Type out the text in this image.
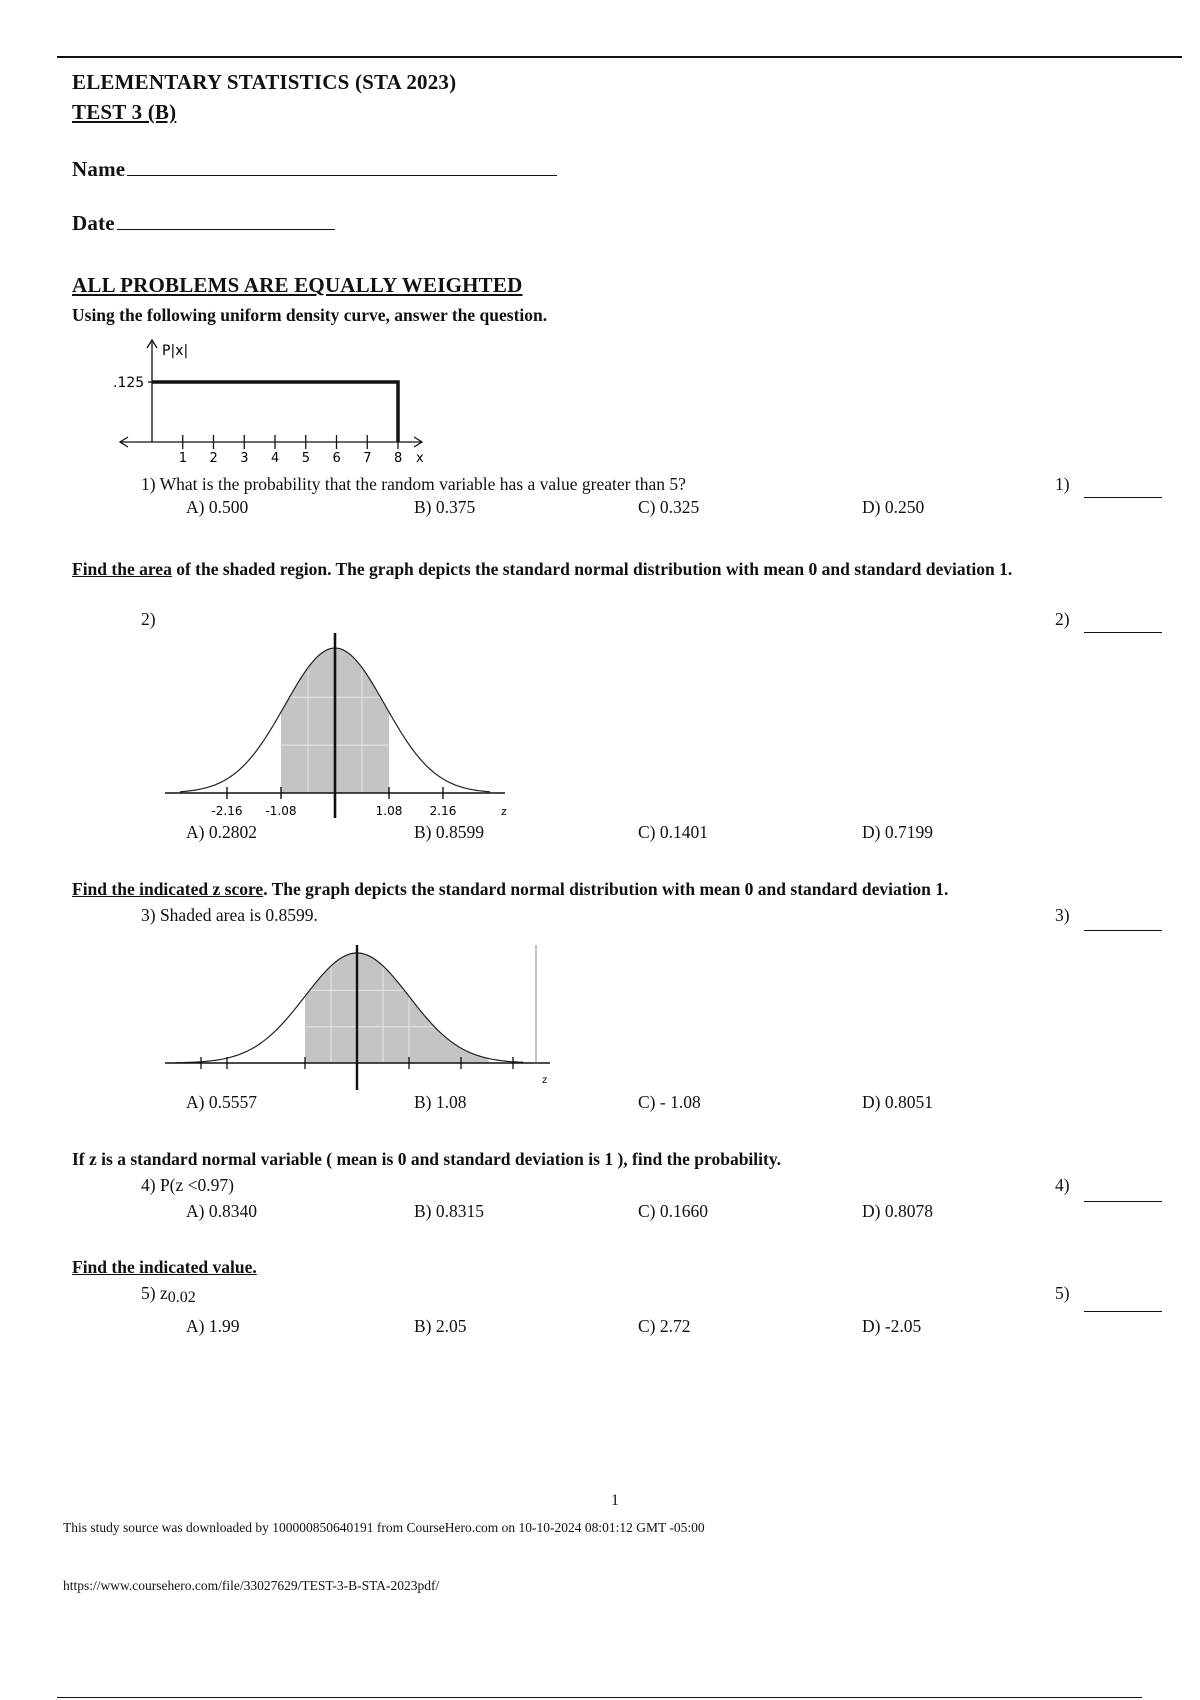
ELEMENTARY STATISTICS (STA 2023)
TEST 3 (B)
Name
Date
ALL PROBLEMS ARE EQUALLY WEIGHTED
Using the following uniform density curve, answer the question.
P|x|
.125
1 2 3 4 5 6 7 8 x
1) What is the probability that the random variable has a value greater than 5?	1)
A) 0.500	B) 0.375	C) 0.325	D) 0.250
Find the area of the shaded region. The graph depicts the standard normal distribution with mean 0 and standard deviation 1.
2)	2)
-2.16 -1.08	1.08 2.16	z
A) 0.2802	B) 0.8599	C) 0.1401	D) 0.7199
Find the indicated z score. The graph depicts the standard normal distribution with mean 0 and standard deviation 1.
3) Shaded area is 0.8599.	3)
z
A) 0.5557	B) 1.08	C) - 1.08	D) 0.8051
If z is a standard normal variable ( mean is 0 and standard deviation is 1 ), find the probability.
4) P(z <0.97)	4)
A) 0.8340	B) 0.8315	C) 0.1660	D) 0.8078
Find the indicated value.
5) $z_{0.02}$	5)
A) 1.99	B) 2.05	C) 2.72	D) -2.05
1
This study source was downloaded by 100000850640191 from CourseHero.com on 10-10-2024 08:01:12 GMT -05:00
https://www.coursehero.com/file/33027629/TEST-3-B-STA-2023pdf/
